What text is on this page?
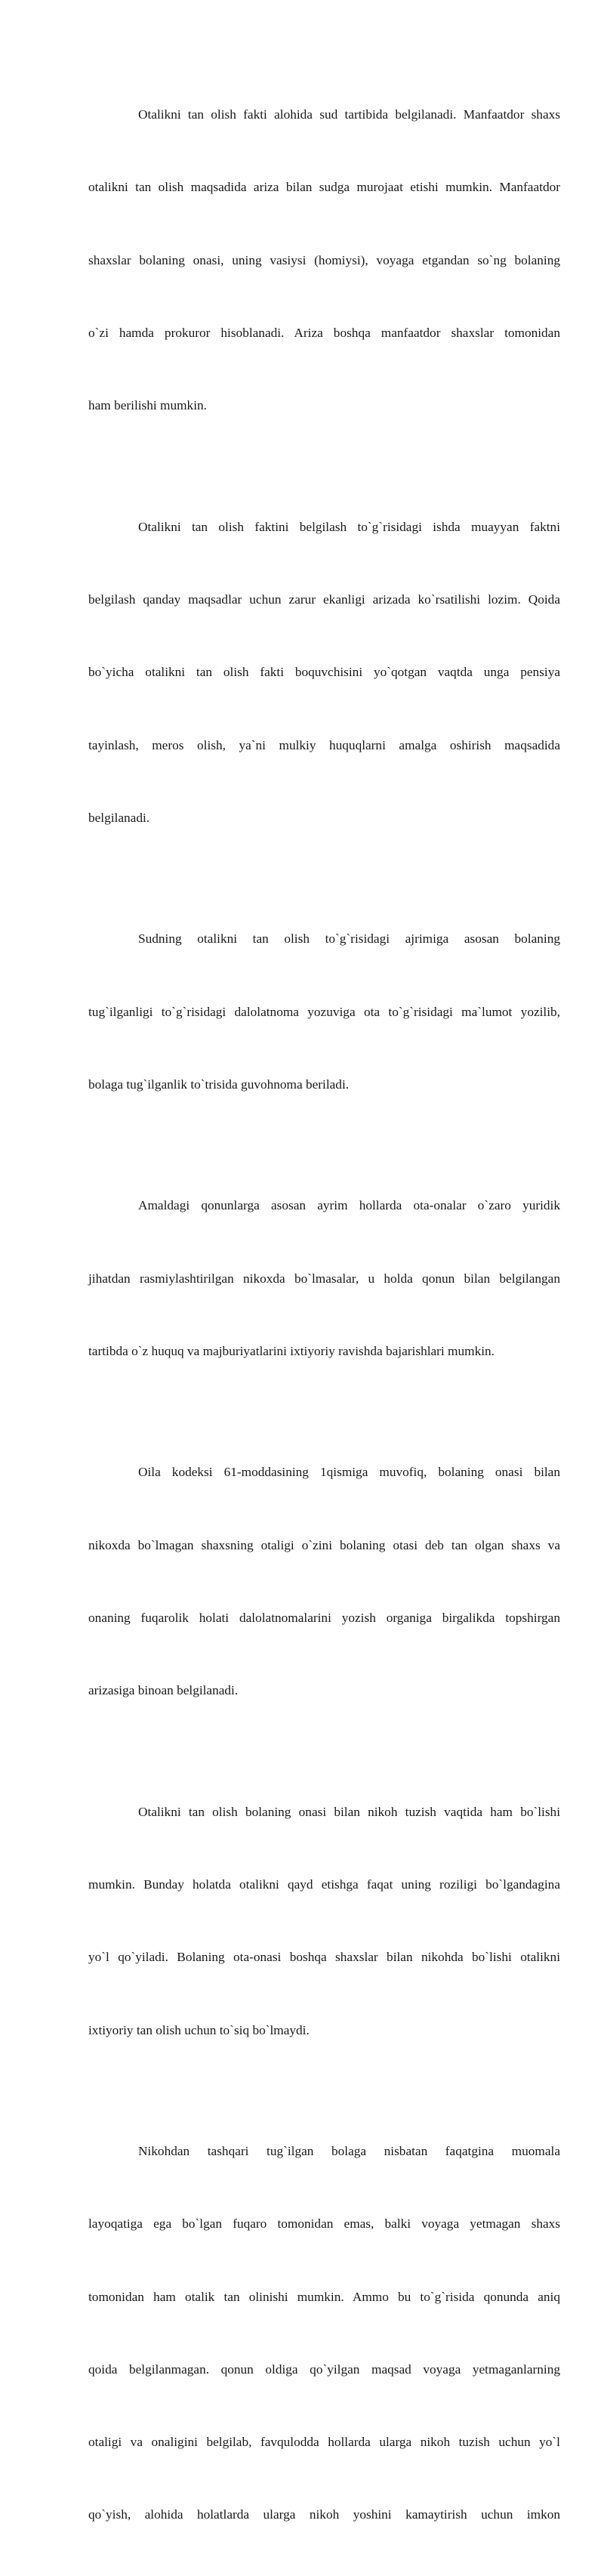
Otalikni tan olish fakti alohida sud tartibida belgilanadi. Manfaatdor shaxs

otalikni tan olish maqsadida ariza bilan sudga murojaat etishi mumkin. Manfaatdor

shaxslar bolaning onasi, uning vasiysi (homiysi), voyaga etgandan so`ng bolaning

o`zi hamda prokuror hisoblanadi. Ariza boshqa manfaatdor shaxslar tomonidan

ham berilishi mumkin.

Otalikni tan olish faktini belgilash to`g`risidagi ishda muayyan faktni

belgilash qanday maqsadlar uchun zarur ekanligi arizada ko`rsatilishi lozim. Qoida

bo`yicha otalikni tan olish fakti boquvchisini yo`qotgan vaqtda unga pensiya

tayinlash, meros olish, ya`ni mulkiy huquqlarni amalga oshirish maqsadida

belgilanadi.

Sudning otalikni tan olish to`g`risidagi ajrimiga asosan bolaning

tug`ilganligi to`g`risidagi dalolatnoma yozuviga ota to`g`risidagi ma`lumot yozilib,

bolaga tug`ilganlik to`trisida guvohnoma beriladi.

Amaldagi qonunlarga asosan ayrim hollarda ota-onalar o`zaro yuridik

jihatdan rasmiylashtirilgan nikoxda bo`lmasalar, u holda qonun bilan belgilangan

tartibda o`z huquq va majburiyatlarini ixtiyoriy ravishda bajarishlari mumkin.

Oila kodeksi 61-moddasining 1qismiga muvofiq, bolaning onasi bilan

nikoxda bo`lmagan shaxsning otaligi o`zini bolaning otasi deb tan olgan shaxs va

onaning fuqarolik holati dalolatnomalarini yozish organiga birgalikda topshirgan

arizasiga binoan belgilanadi.

Otalikni tan olish bolaning onasi bilan nikoh tuzish vaqtida ham bo`lishi

mumkin. Bunday holatda otalikni qayd etishga faqat uning roziligi bo`lgandagina

yo`l qo`yiladi. Bolaning ota-onasi boshqa shaxslar bilan nikohda bo`lishi otalikni

ixtiyoriy tan olish uchun to`siq bo`lmaydi.

Nikohdan tashqari tug`ilgan bolaga nisbatan faqatgina muomala

layoqatiga ega bo`lgan fuqaro tomonidan emas, balki voyaga yetmagan shaxs

tomonidan ham otalik tan olinishi mumkin. Ammo bu to`g`risida qonunda aniq

qoida belgilanmagan. qonun oldiga qo`yilgan maqsad voyaga yetmaganlarning

otaligi va onaligini belgilab, favqulodda hollarda ularga nikoh tuzish uchun yo`l

qo`yish, alohida holatlarda ularga nikoh yoshini kamaytirish uchun imkon
